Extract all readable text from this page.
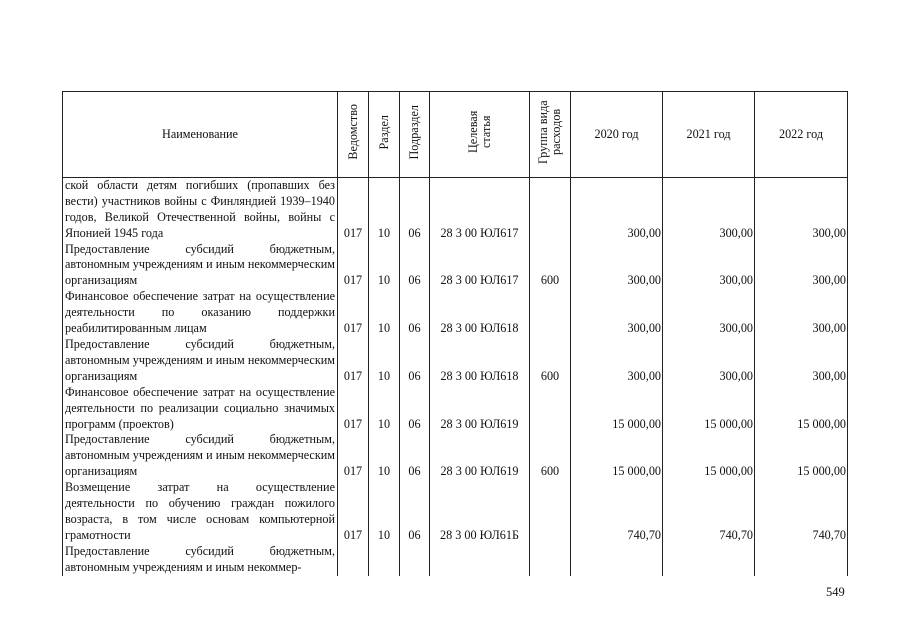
Наименование	Ведомство	Раздел	Подраздел	Целевая статья	Группа вида расходов	2020 год	2021 год	2022 год
ской области детям погибших (пропавших без вести) участников войны с Финляндией 1939–1940 годов, Великой Отечественной войны, войны с Японией 1945 года	017	10	06	28 3 00 ЮЛ617		300,00	300,00	300,00
Предоставление субсидий бюджетным, автономным учреждениям и иным некоммерческим организациям	017	10	06	28 3 00 ЮЛ617	600	300,00	300,00	300,00
Финансовое обеспечение затрат на осуществление деятельности по оказанию поддержки реабилитированным лицам	017	10	06	28 3 00 ЮЛ618		300,00	300,00	300,00
Предоставление субсидий бюджетным, автономным учреждениям и иным некоммерческим организациям	017	10	06	28 3 00 ЮЛ618	600	300,00	300,00	300,00
Финансовое обеспечение затрат на осуществление деятельности по реализации социально значимых программ (проектов)	017	10	06	28 3 00 ЮЛ619		15 000,00	15 000,00	15 000,00
Предоставление субсидий бюджетным, автономным учреждениям и иным некоммерческим организациям	017	10	06	28 3 00 ЮЛ619	600	15 000,00	15 000,00	15 000,00
Возмещение затрат на осуществление деятельности по обучению граждан пожилого возраста, в том числе основам компьютерной грамотности	017	10	06	28 3 00 ЮЛ61Б		740,70	740,70	740,70
Предоставление субсидий бюджетным, автономным учреждениям и иным некоммер-								
549
